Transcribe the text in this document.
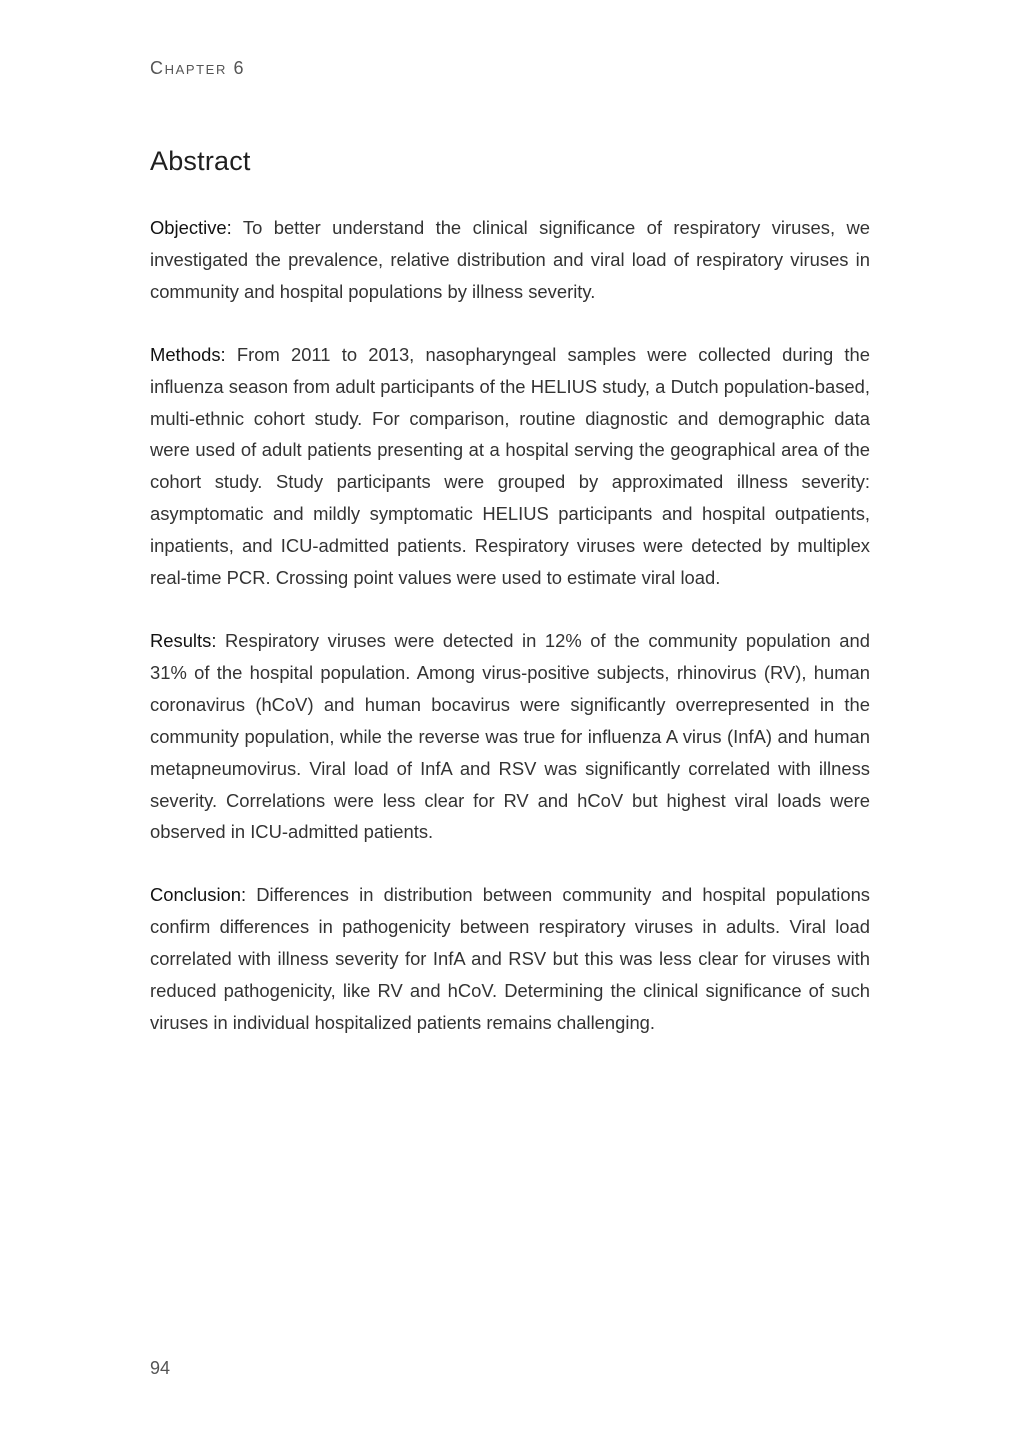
Chapter 6
Abstract

Objective: To better understand the clinical significance of respiratory viruses, we investigated the prevalence, relative distribution and viral load of respiratory viruses in community and hospital populations by illness severity.

Methods: From 2011 to 2013, nasopharyngeal samples were collected during the influenza season from adult participants of the HELIUS study, a Dutch population-based, multi-ethnic cohort study. For comparison, routine diagnostic and demographic data were used of adult patients presenting at a hospital serving the geographical area of the cohort study. Study participants were grouped by approximated illness severity: asymptomatic and mildly symptomatic HELIUS participants and hospital outpatients, inpatients, and ICU-admitted patients. Respiratory viruses were detected by multiplex real-time PCR. Crossing point values were used to estimate viral load.

Results: Respiratory viruses were detected in 12% of the community population and 31% of the hospital population. Among virus-positive subjects, rhinovirus (RV), human coronavirus (hCoV) and human bocavirus were significantly overrepresented in the community population, while the reverse was true for influenza A virus (InfA) and human metapneumovirus. Viral load of InfA and RSV was significantly correlated with illness severity. Correlations were less clear for RV and hCoV but highest viral loads were observed in ICU-admitted patients.

Conclusion: Differences in distribution between community and hospital populations confirm differences in pathogenicity between respiratory viruses in adults. Viral load correlated with illness severity for InfA and RSV but this was less clear for viruses with reduced pathogenicity, like RV and hCoV. Determining the clinical significance of such viruses in individual hospitalized patients remains challenging.

94
